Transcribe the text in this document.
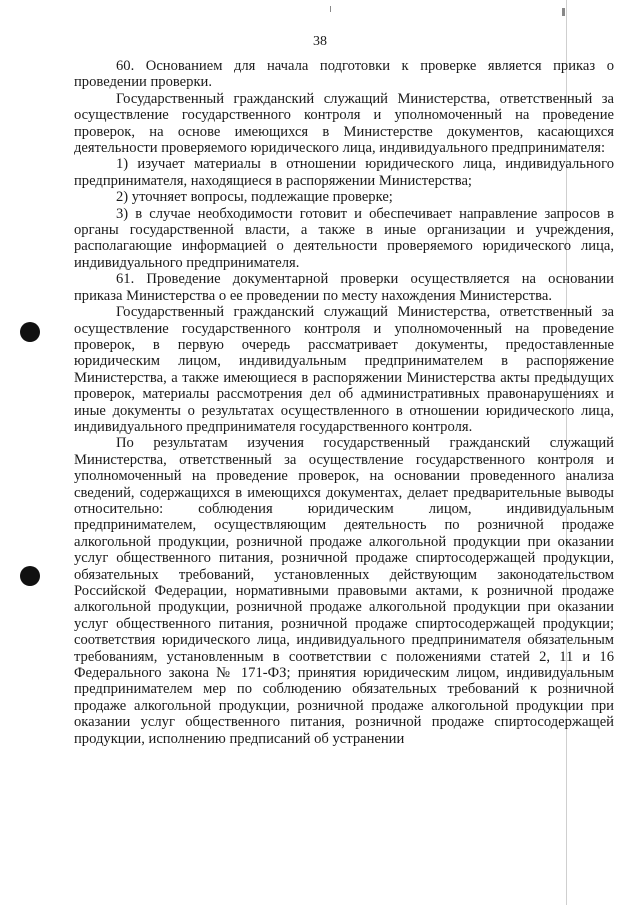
38

60. Основанием для начала подготовки к проверке является приказ о проведении проверки.

Государственный гражданский служащий Министерства, ответственный за осуществление государственного контроля и уполномоченный на проведение проверок, на основе имеющихся в Министерстве документов, касающихся деятельности проверяемого юридического лица, индивидуального предпринимателя:

1) изучает материалы в отношении юридического лица, индивидуального предпринимателя, находящиеся в распоряжении Министерства;

2) уточняет вопросы, подлежащие проверке;

3) в случае необходимости готовит и обеспечивает направление запросов в органы государственной власти, а также в иные организации и учреждения, располагающие информацией о деятельности проверяемого юридического лица, индивидуального предпринимателя.

61. Проведение документарной проверки осуществляется на основании приказа Министерства о ее проведении по месту нахождения Министерства.

Государственный гражданский служащий Министерства, ответственный за осуществление государственного контроля и уполномоченный на проведение проверок, в первую очередь рассматривает документы, предоставленные юридическим лицом, индивидуальным предпринимателем в распоряжение Министерства, а также имеющиеся в распоряжении Министерства акты предыдущих проверок, материалы рассмотрения дел об административных правонарушениях и иные документы о результатах осуществленного в отношении юридического лица, индивидуального предпринимателя государственного контроля.

По результатам изучения государственный гражданский служащий Министерства, ответственный за осуществление государственного контроля и уполномоченный на проведение проверок, на основании проведенного анализа сведений, содержащихся в имеющихся документах, делает предварительные выводы относительно: соблюдения юридическим лицом, индивидуальным предпринимателем, осуществляющим деятельность по розничной продаже алкогольной продукции, розничной продаже алкогольной продукции при оказании услуг общественного питания, розничной продаже спиртосодержащей продукции, обязательных требований, установленных действующим законодательством Российской Федерации, нормативными правовыми актами, к розничной продаже алкогольной продукции, розничной продаже алкогольной продукции при оказании услуг общественного питания, розничной продаже спиртосодержащей продукции; соответствия юридического лица, индивидуального предпринимателя обязательным требованиям, установленным в соответствии с положениями статей 2, 11 и 16 Федерального закона № 171-ФЗ; принятия юридическим лицом, индивидуальным предпринимателем мер по соблюдению обязательных требований к розничной продаже алкогольной продукции, розничной продаже алкогольной продукции при оказании услуг общественного питания, розничной продаже спиртосодержащей продукции, исполнению предписаний об устранении
